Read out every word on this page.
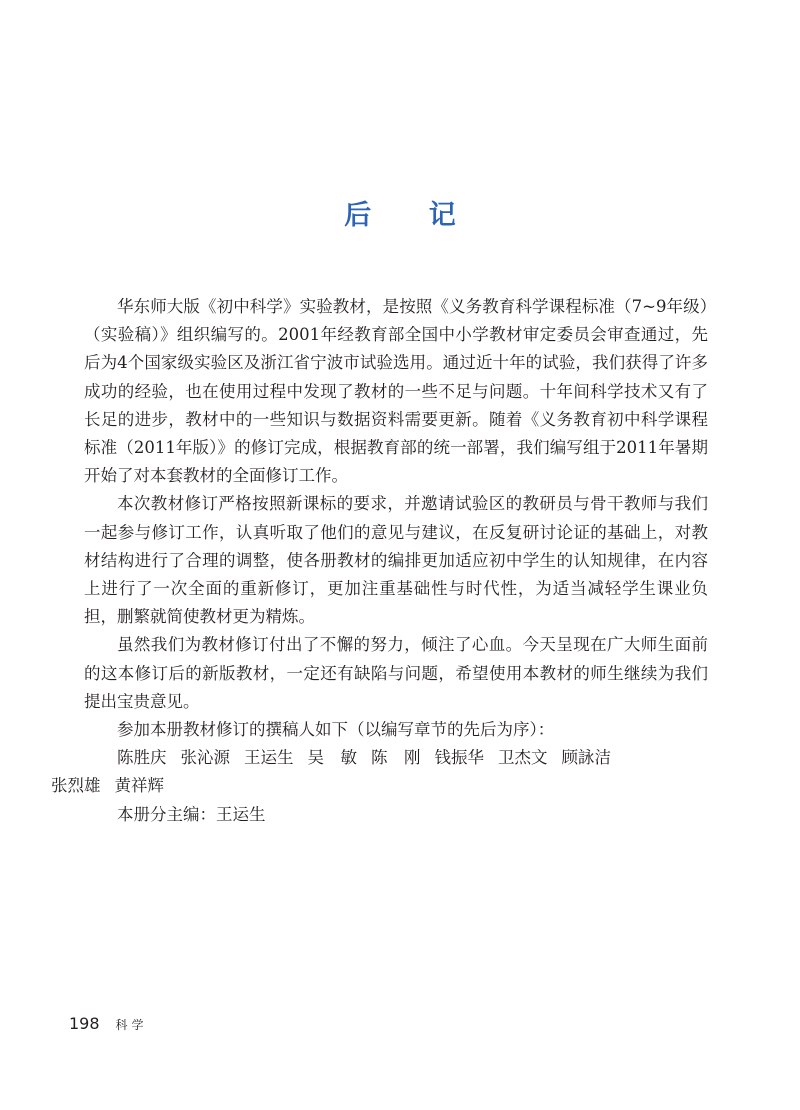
后 记

华东师大版《初中科学》实验教材，是按照《义务教育科学课程标准（7~9年级）（实验稿）》组织编写的。2001年经教育部全国中小学教材审定委员会审查通过，先后为4个国家级实验区及浙江省宁波市试验选用。通过近十年的试验，我们获得了许多成功的经验，也在使用过程中发现了教材的一些不足与问题。十年间科学技术又有了长足的进步，教材中的一些知识与数据资料需要更新。随着《义务教育初中科学课程标准（2011年版）》的修订完成，根据教育部的统一部署，我们编写组于2011年暑期开始了对本套教材的全面修订工作。

本次教材修订严格按照新课标的要求，并邀请试验区的教研员与骨干教师与我们一起参与修订工作，认真听取了他们的意见与建议，在反复研讨论证的基础上，对教材结构进行了合理的调整，使各册教材的编排更加适应初中学生的认知规律，在内容上进行了一次全面的重新修订，更加注重基础性与时代性，为适当减轻学生课业负担，删繁就简使教材更为精炼。

虽然我们为教材修订付出了不懈的努力，倾注了心血。今天呈现在广大师生面前的这本修订后的新版教材，一定还有缺陷与问题，希望使用本教材的师生继续为我们提出宝贵意见。

参加本册教材修订的撰稿人如下（以编写章节的先后为序）：

陈胜庆 张沁源 王运生 吴　敏 陈　刚 钱振华 卫杰文 顾詠洁
张烈雄 黄祥辉

本册分主编：王运生

198 科学
